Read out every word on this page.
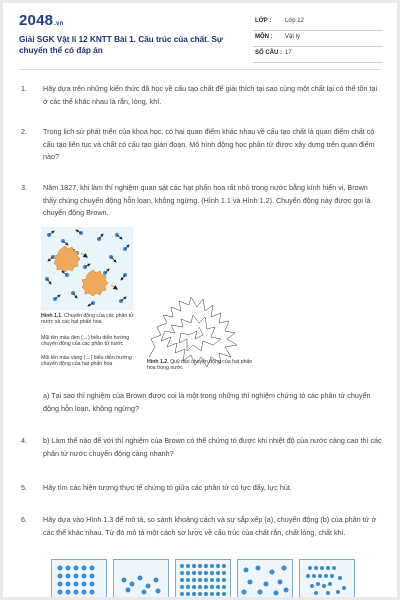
2048.vn
Giải SGK Vật lí 12 KNTT Bài 1. Cấu trúc của chất. Sự chuyển thể có đáp án
LỚP : Lớp 12
MÔN : Vật lý
SỐ CÂU : 17
1. Hãy dựa trên những kiến thức đã học về cấu tạo chất để giải thích tại sao cùng một chất lại có thể tồn tại ở các thể khác nhau là rắn, lỏng, khí.
2. Trong lịch sử phát triển của khoa học, có hai quan điểm khác nhau về cấu tạo chất là quan điểm chất có cấu tạo liên tục và chất có cấu tạo gián đoạn. Mô hình động học phân tử được xây dựng trên quan điểm nào?
3. Năm 1827, khi làm thí nghiệm quan sát các hạt phấn hoa rất nhỏ trong nước bằng kính hiển vi, Brown thấy chúng chuyển động hỗn loạn, không ngừng. (Hình 1.1 và Hình 1.2). Chuyển động này được gọi là chuyển động Brown.
Hình 1.1. Chuyển động của các phân tử nước và các hạt phấn hoa
Mũi tên màu đen (→) biểu diễn hướng chuyển động của các phân tử nước
Mũi tên màu vàng (→) biểu diễn hướng chuyển động của hạt phấn hoa	Hình 1.2. Quỹ đạo chuyển động của hạt phấn hoa trong nước
a) Tại sao thí nghiệm của Brown được coi là một trong những thí nghiệm chứng tỏ các phân tử chuyển động hỗn loạn, không ngừng?
4. b) Làm thế nào để với thí nghiệm của Brown có thể chứng tỏ được khi nhiệt độ của nước càng cao thì các phân tử nước chuyển động càng nhanh?
5. Hãy tìm các hiện tượng thực tế chứng tỏ giữa các phân tử có lực đẩy, lực hút.
6. Hãy dựa vào Hình 1.3 để mô tả, so sánh khoảng cách và sự sắp xếp (a), chuyển động (b) của phân tử ở các thể khác nhau. Từ đó mô tả một cách sơ lược về cấu trúc của chất rắn, chất lỏng, chất khí.
